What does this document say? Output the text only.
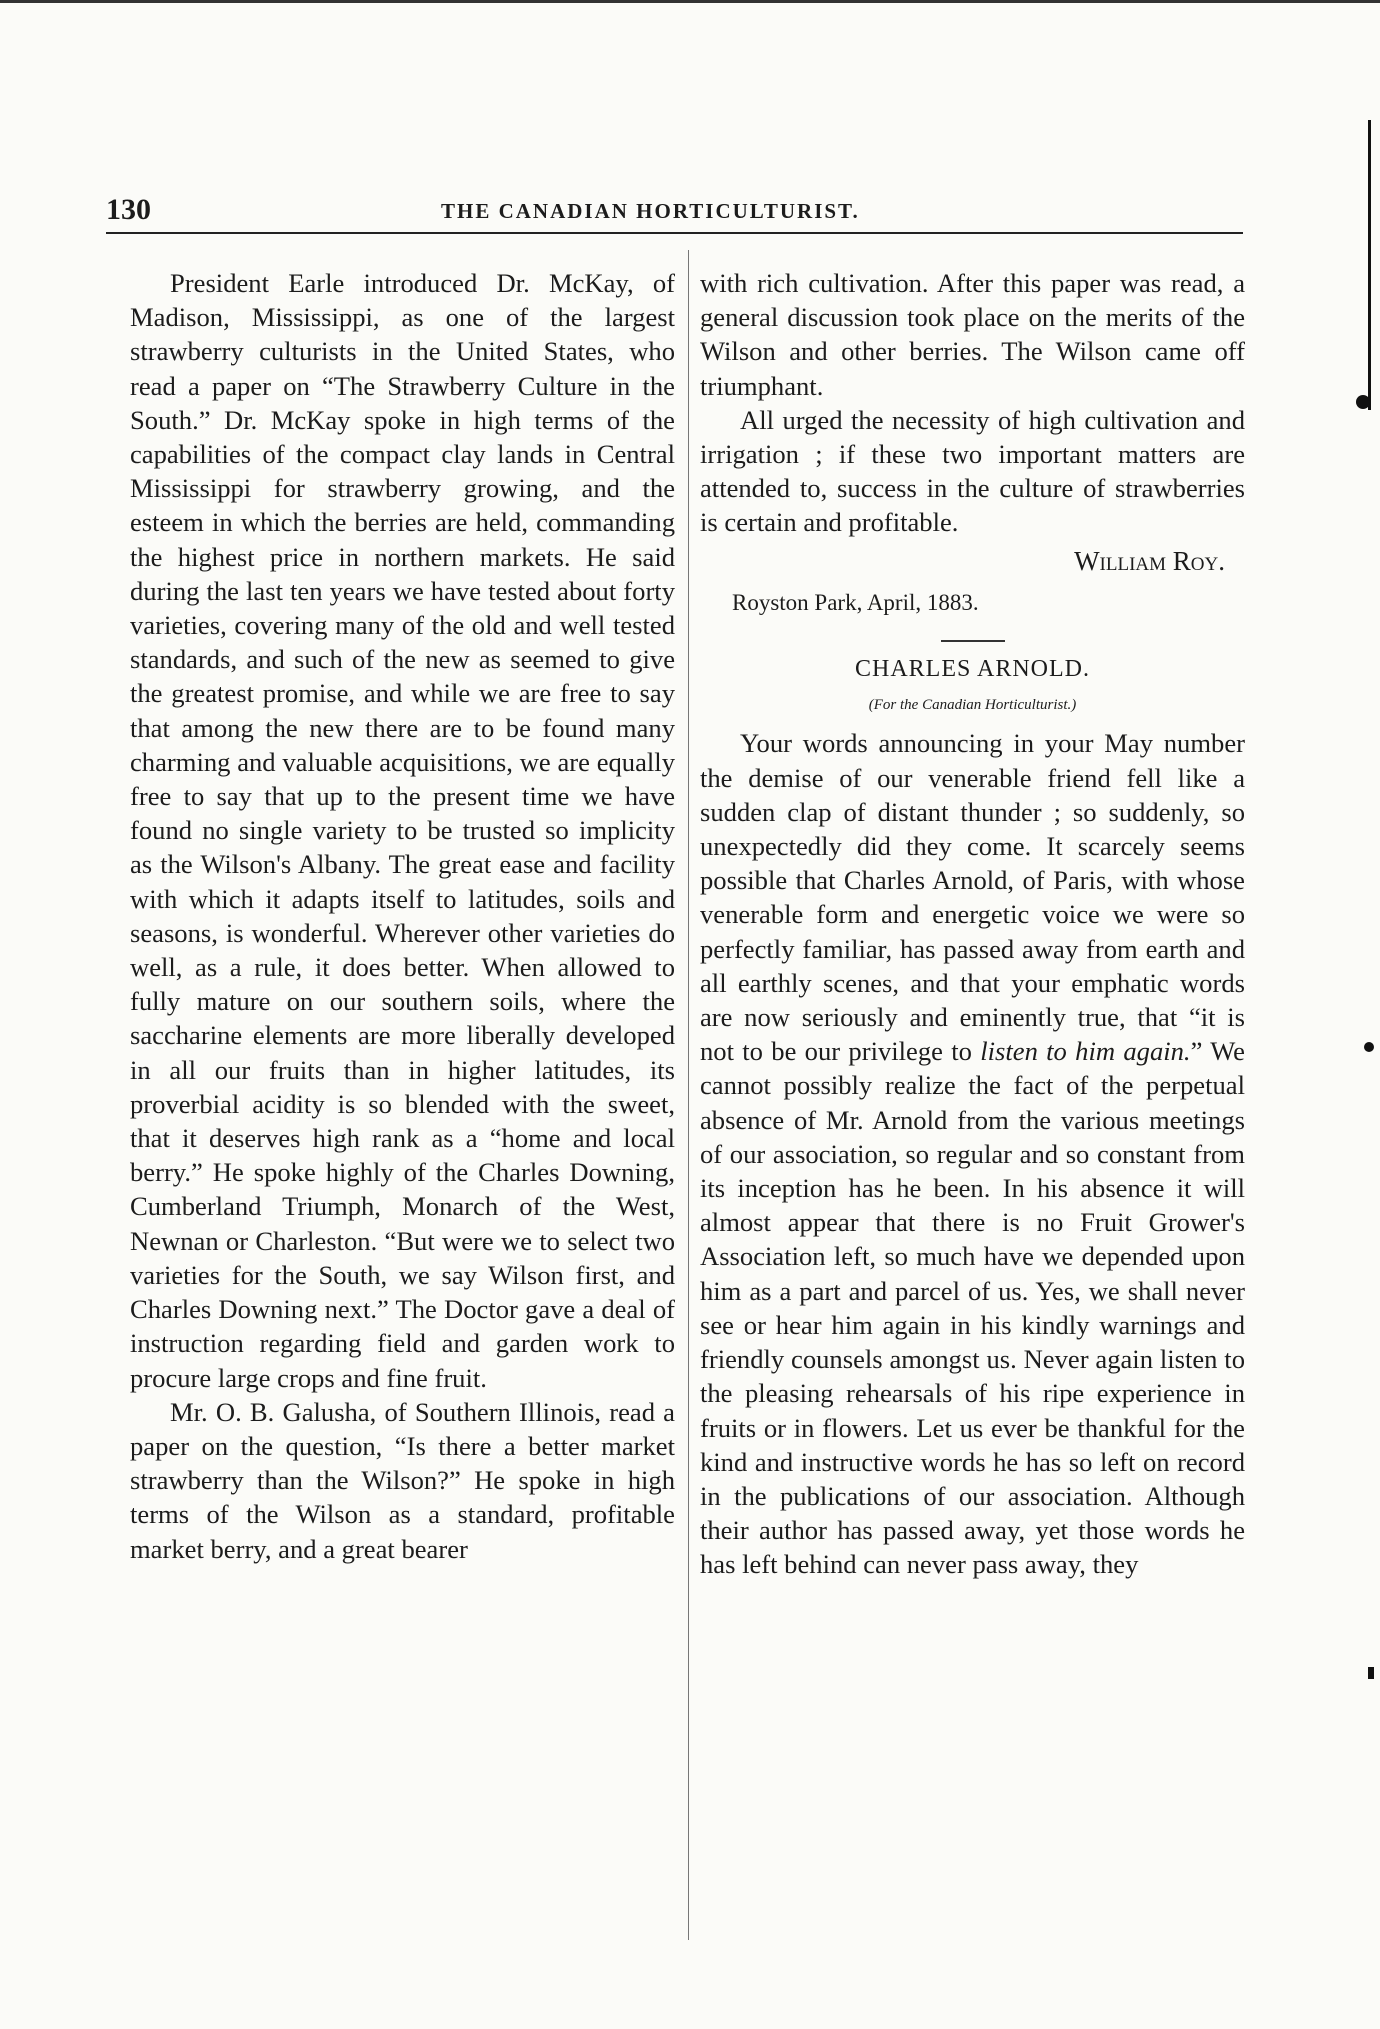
130	THE CANADIAN HORTICULTURIST.

President Earle introduced Dr. McKay, of Madison, Mississippi, as one of the largest strawberry culturists in the United States, who read a paper on “The Strawberry Culture in the South.” Dr. McKay spoke in high terms of the capabilities of the compact clay lands in Central Mississippi for strawberry growing, and the esteem in which the berries are held, commanding the highest price in northern markets. He said during the last ten years we have tested about forty varieties, covering many of the old and well tested standards, and such of the new as seemed to give the greatest promise, and while we are free to say that among the new there are to be found many charming and valuable acquisitions, we are equally free to say that up to the present time we have found no single variety to be trusted so implicity as the Wilson's Albany. The great ease and facility with which it adapts itself to latitudes, soils and seasons, is wonderful. Wherever other varieties do well, as a rule, it does better. When allowed to fully mature on our southern soils, where the saccharine elements are more liberally developed in all our fruits than in higher latitudes, its proverbial acidity is so blended with the sweet, that it deserves high rank as a “home and local berry.” He spoke highly of the Charles Downing, Cumberland Triumph, Monarch of the West, Newnan or Charleston. “But were we to select two varieties for the South, we say Wilson first, and Charles Downing next.” The Doctor gave a deal of instruction regarding field and garden work to procure large crops and fine fruit.

Mr. O. B. Galusha, of Southern Illinois, read a paper on the question, “Is there a better market strawberry than the Wilson?” He spoke in high terms of the Wilson as a standard, profitable market berry, and a great bearer

with rich cultivation. After this paper was read, a general discussion took place on the merits of the Wilson and other berries. The Wilson came off triumphant.

All urged the necessity of high cultivation and irrigation ; if these two important matters are attended to, success in the culture of strawberries is certain and profitable.

William Roy.

Royston Park, April, 1883.

CHARLES ARNOLD.
(For the Canadian Horticulturist.)

Your words announcing in your May number the demise of our venerable friend fell like a sudden clap of distant thunder ; so suddenly, so unexpectedly did they come. It scarcely seems possible that Charles Arnold, of Paris, with whose venerable form and energetic voice we were so perfectly familiar, has passed away from earth and all earthly scenes, and that your emphatic words are now seriously and eminently true, that “it is not to be our privilege to listen to him again.” We cannot possibly realize the fact of the perpetual absence of Mr. Arnold from the various meetings of our association, so regular and so constant from its inception has he been. In his absence it will almost appear that there is no Fruit Grower's Association left, so much have we depended upon him as a part and parcel of us. Yes, we shall never see or hear him again in his kindly warnings and friendly counsels amongst us. Never again listen to the pleasing rehearsals of his ripe experience in fruits or in flowers. Let us ever be thankful for the kind and instructive words he has so left on record in the publications of our association. Although their author has passed away, yet those words he has left behind can never pass away, they
